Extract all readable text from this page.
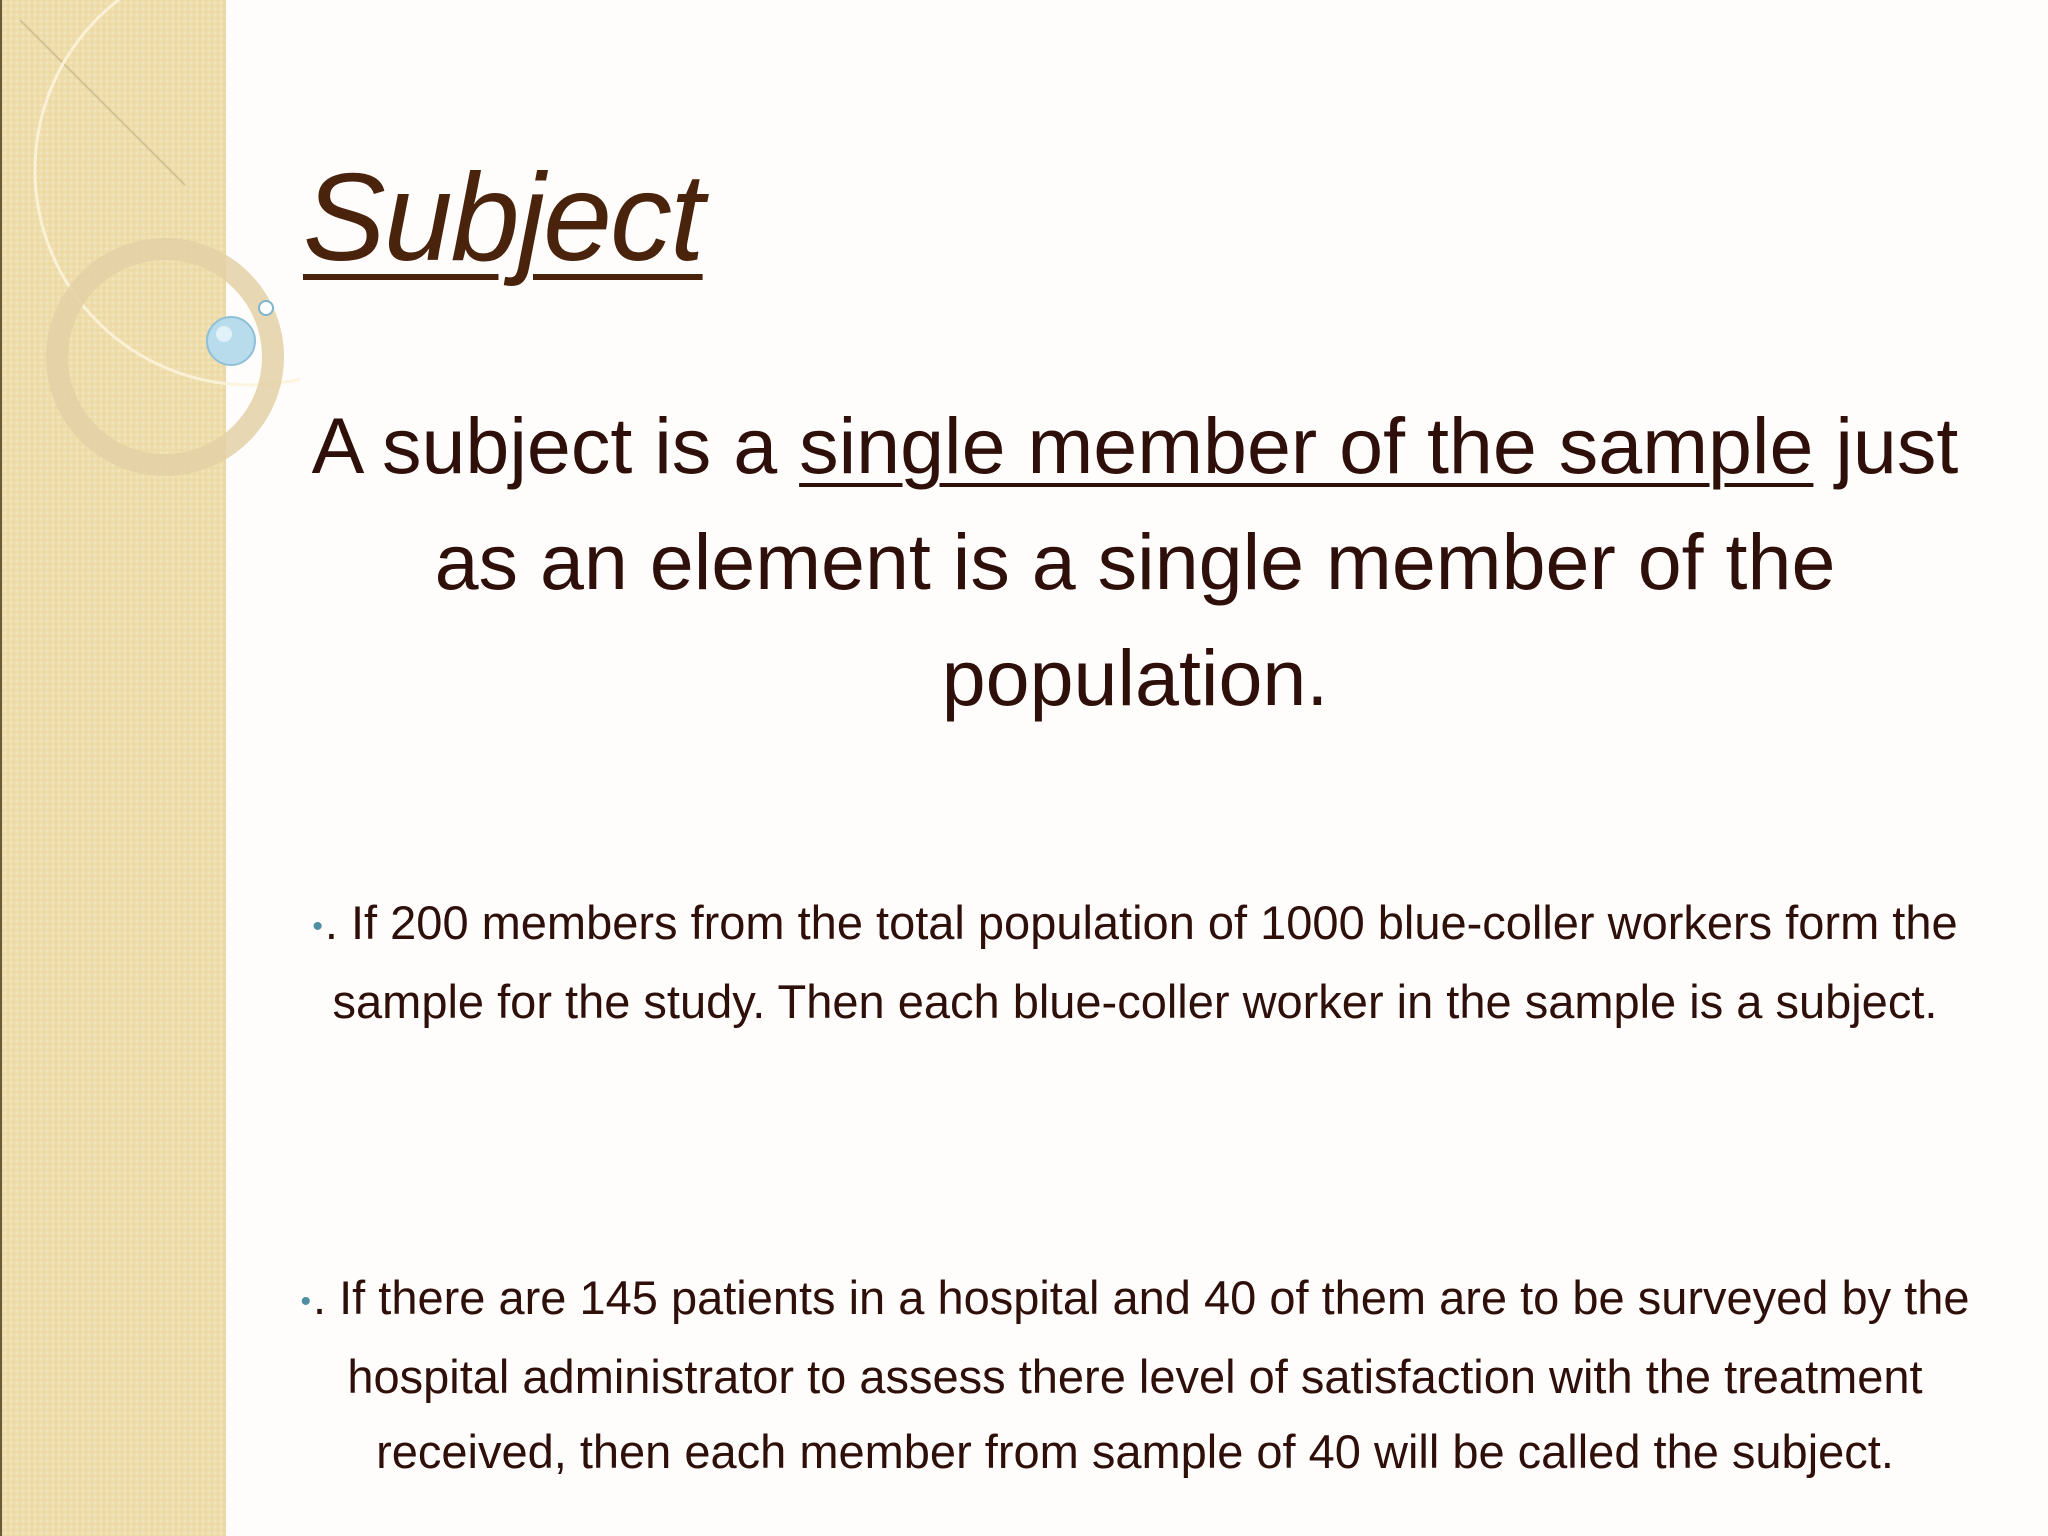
Subject

A subject is a single member of the sample just as an element is a single member of the population.

•. If 200 members from the total population of 1000 blue-coller workers form the sample for the study. Then each blue-coller worker in the sample is a subject.

•. If there are 145 patients in a hospital and 40 of them are to be surveyed by the hospital administrator to assess there level of satisfaction with the treatment received, then each member from sample of 40 will be called the subject.
